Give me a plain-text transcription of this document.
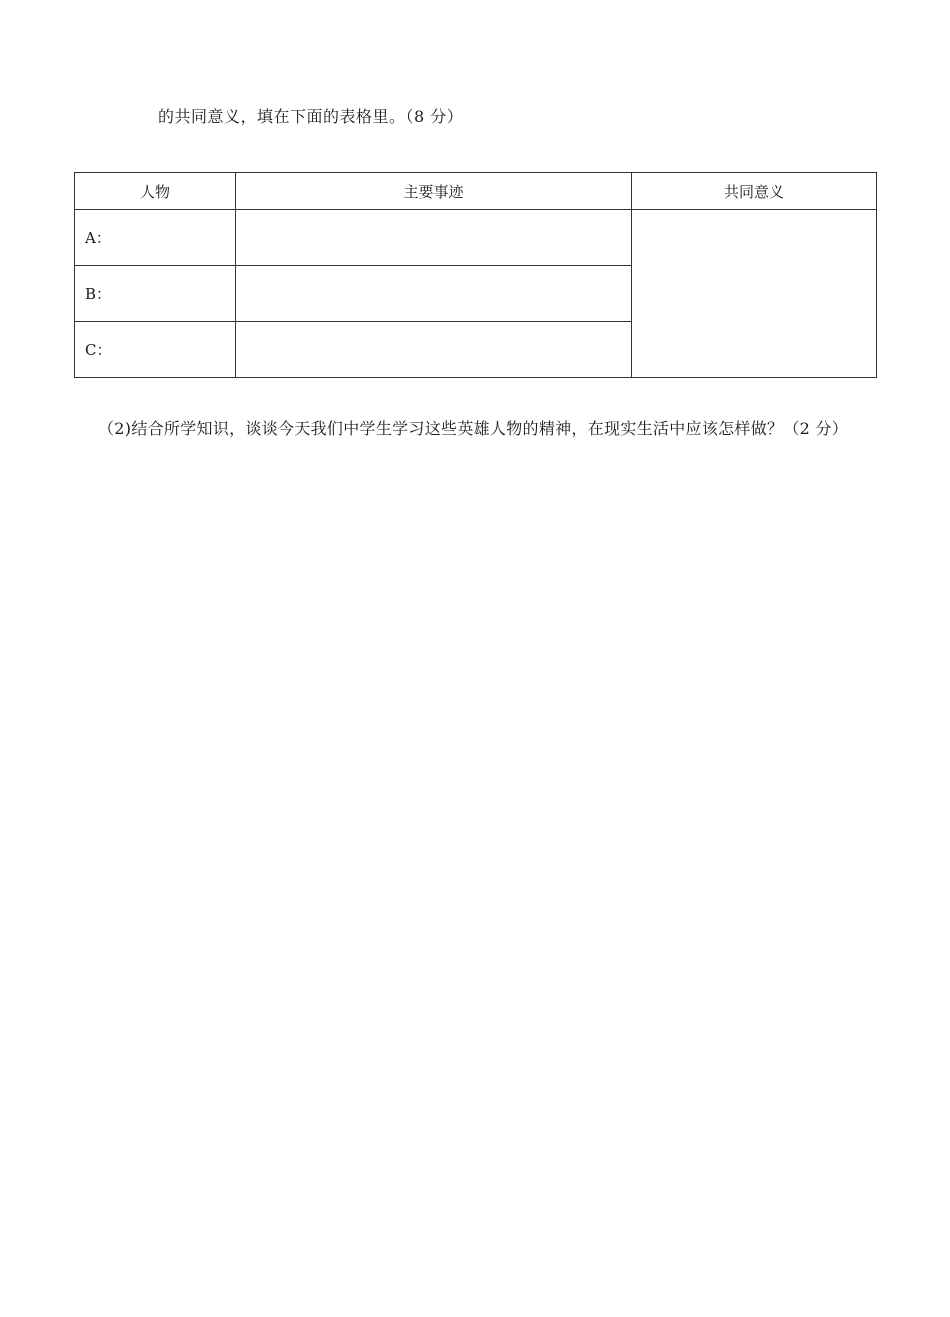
的共同意义，填在下面的表格里。（8 分）
人物	主要事迹	共同意义
A：		
B：		
C：		
（2)结合所学知识，谈谈今天我们中学生学习这些英雄人物的精神，在现实生活中应该怎样做？（2 分）
